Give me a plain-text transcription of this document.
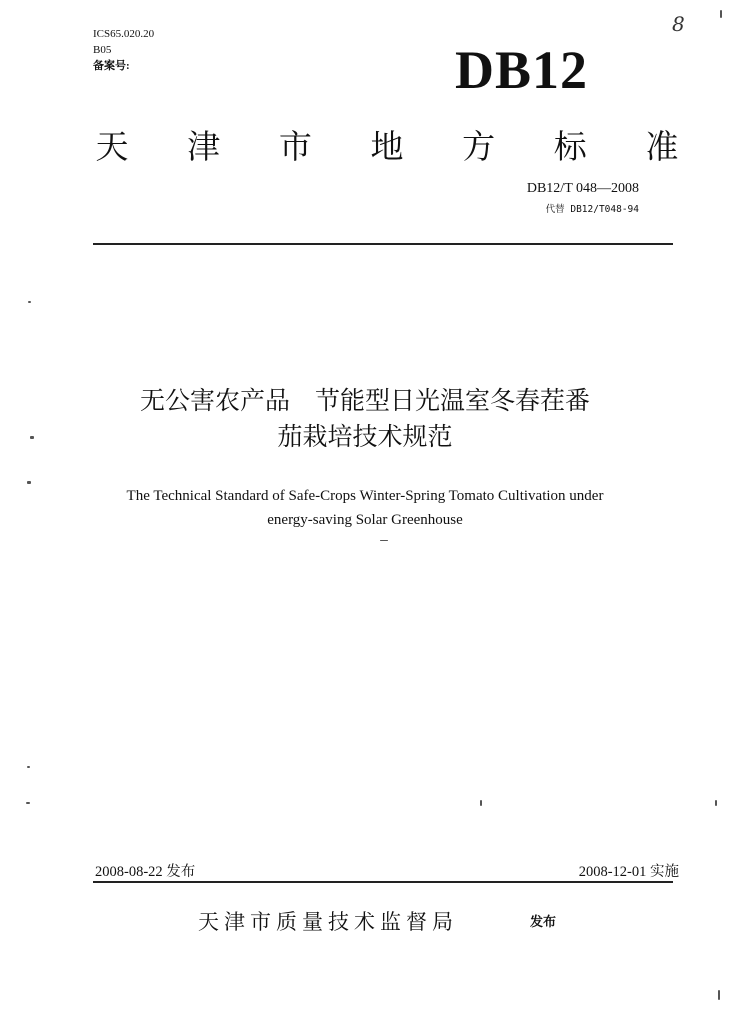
ICS65.020.20
B05
备案号:
8
DB12
天 津 市 地 方 标 准
DB12/T 048—2008
代替 DB12/T048-94
无公害农产品　节能型日光温室冬春茬番
茄栽培技术规范
The Technical Standard of Safe-Crops Winter-Spring Tomato Cultivation under
energy-saving Solar Greenhouse
2008-08-22 发布	2008-12-01 实施
天津市质量技术监督局	发布
